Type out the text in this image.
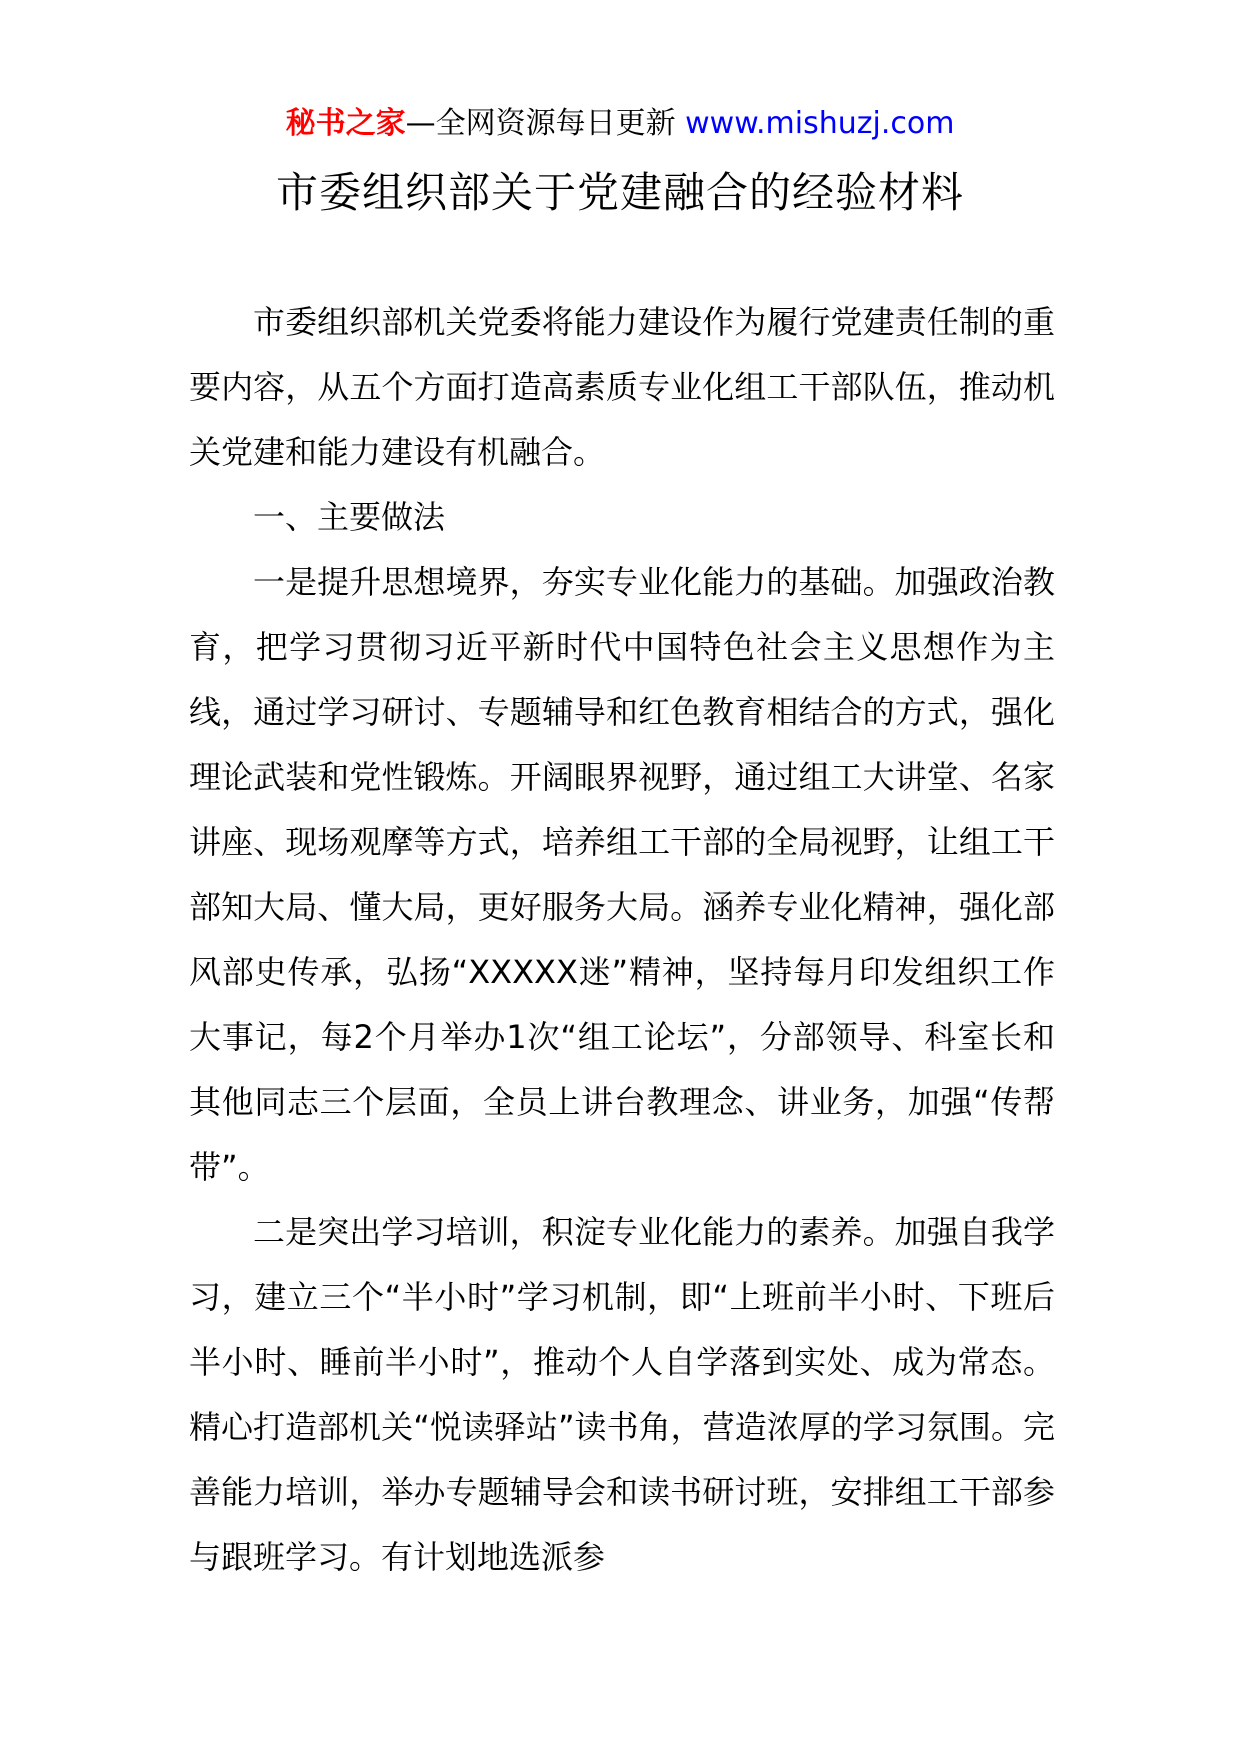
秘书之家—全网资源每日更新 www.mishuzj.com
市委组织部关于党建融合的经验材料

市委组织部机关党委将能力建设作为履行党建责任制的重要内容，从五个方面打造高素质专业化组工干部队伍，推动机关党建和能力建设有机融合。

一、主要做法

一是提升思想境界，夯实专业化能力的基础。加强政治教育，把学习贯彻习近平新时代中国特色社会主义思想作为主线，通过学习研讨、专题辅导和红色教育相结合的方式，强化理论武装和党性锻炼。开阔眼界视野，通过组工大讲堂、名家讲座、现场观摩等方式，培养组工干部的全局视野，让组工干部知大局、懂大局，更好服务大局。涵养专业化精神，强化部风部史传承，弘扬“XXXXX迷”精神，坚持每月印发组织工作大事记，每2个月举办1次“组工论坛”，分部领导、科室长和其他同志三个层面，全员上讲台教理念、讲业务，加强“传帮带”。

二是突出学习培训，积淀专业化能力的素养。加强自我学习，建立三个“半小时”学习机制，即“上班前半小时、下班后半小时、睡前半小时”，推动个人自学落到实处、成为常态。精心打造部机关“悦读驿站”读书角，营造浓厚的学习氛围。完善能力培训，举办专题辅导会和读书研讨班，安排组工干部参与跟班学习。有计划地选派参
